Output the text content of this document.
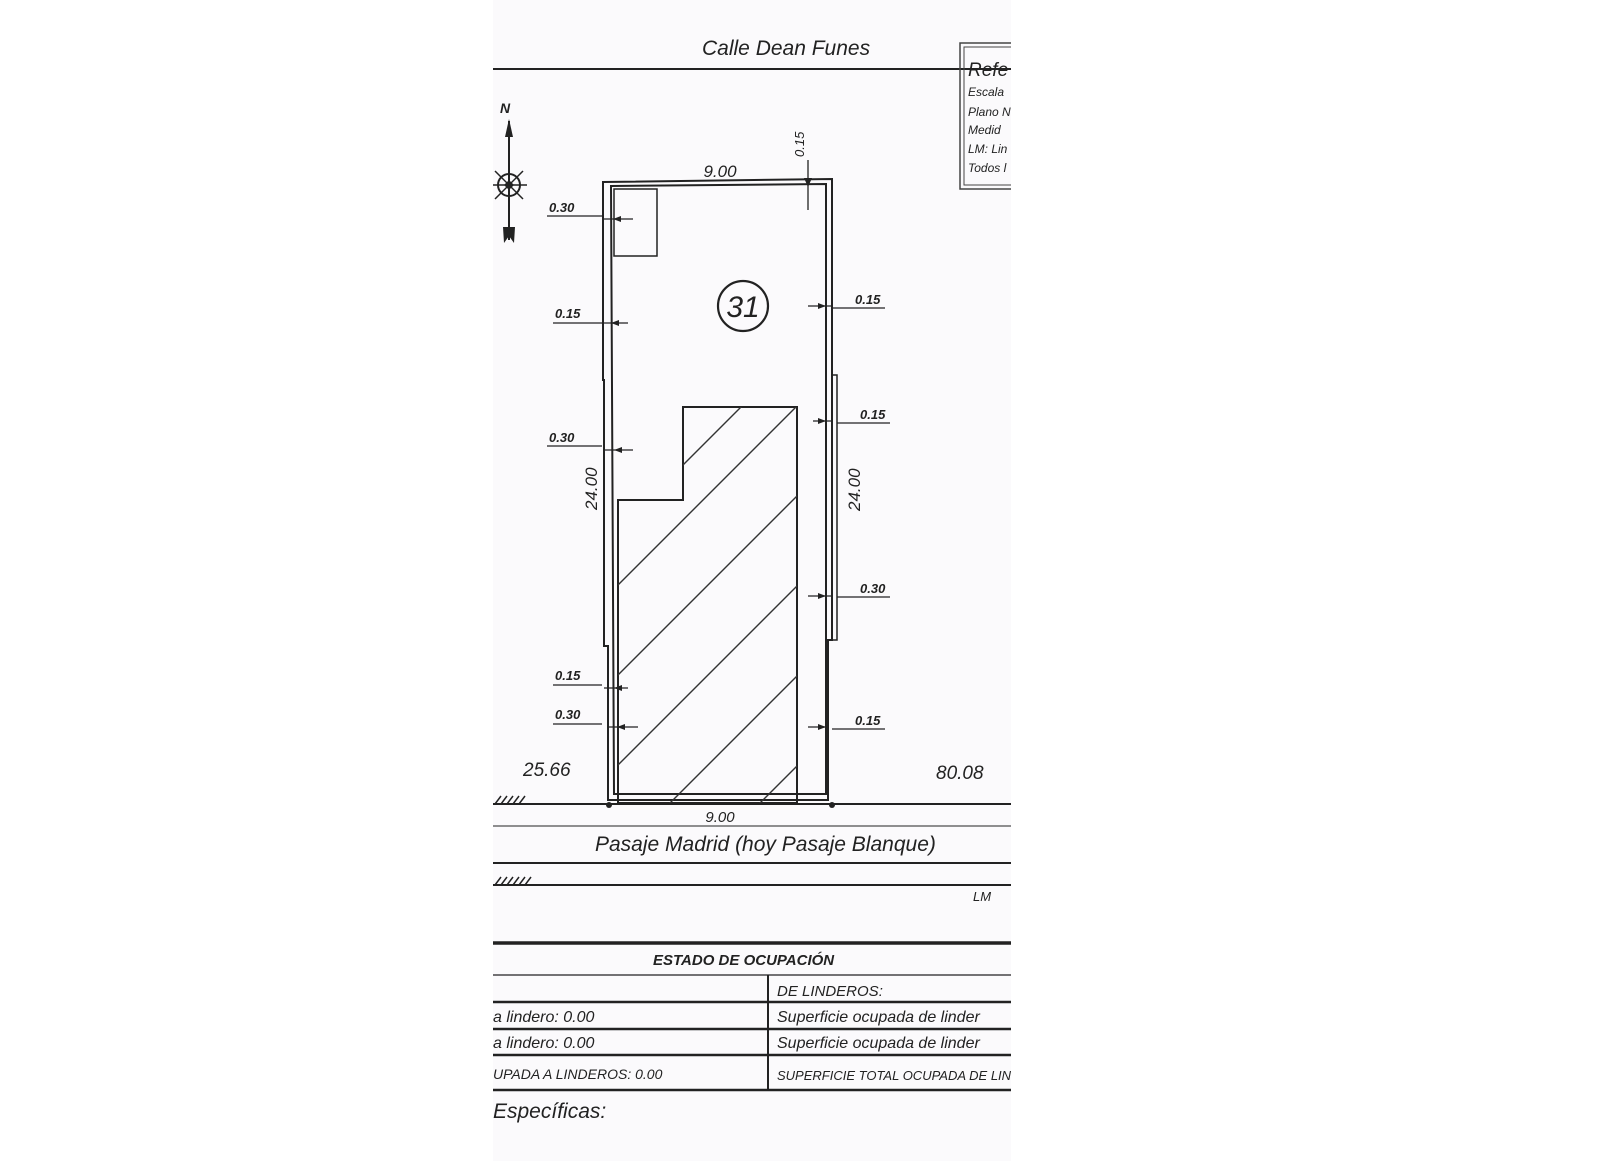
Calle Dean Funes
Refe
Escala
Plano N
Medid
LM: Lin
Todos l
N
31
9.00
0.15
24.00	24.00
0.30
0.15
0.30
0.15
0.30
0.15
0.15
0.30
0.15
25.66	80.08
9.00
Pasaje Madrid (hoy Pasaje Blanque)
LM
ESTADO DE OCUPACIÓN
DE LINDEROS:
a lindero: 0.00
a lindero: 0.00
UPADA A LINDEROS: 0.00
Superficie ocupada de linder
Superficie ocupada de linder
SUPERFICIE TOTAL OCUPADA DE LIN
Específicas:
